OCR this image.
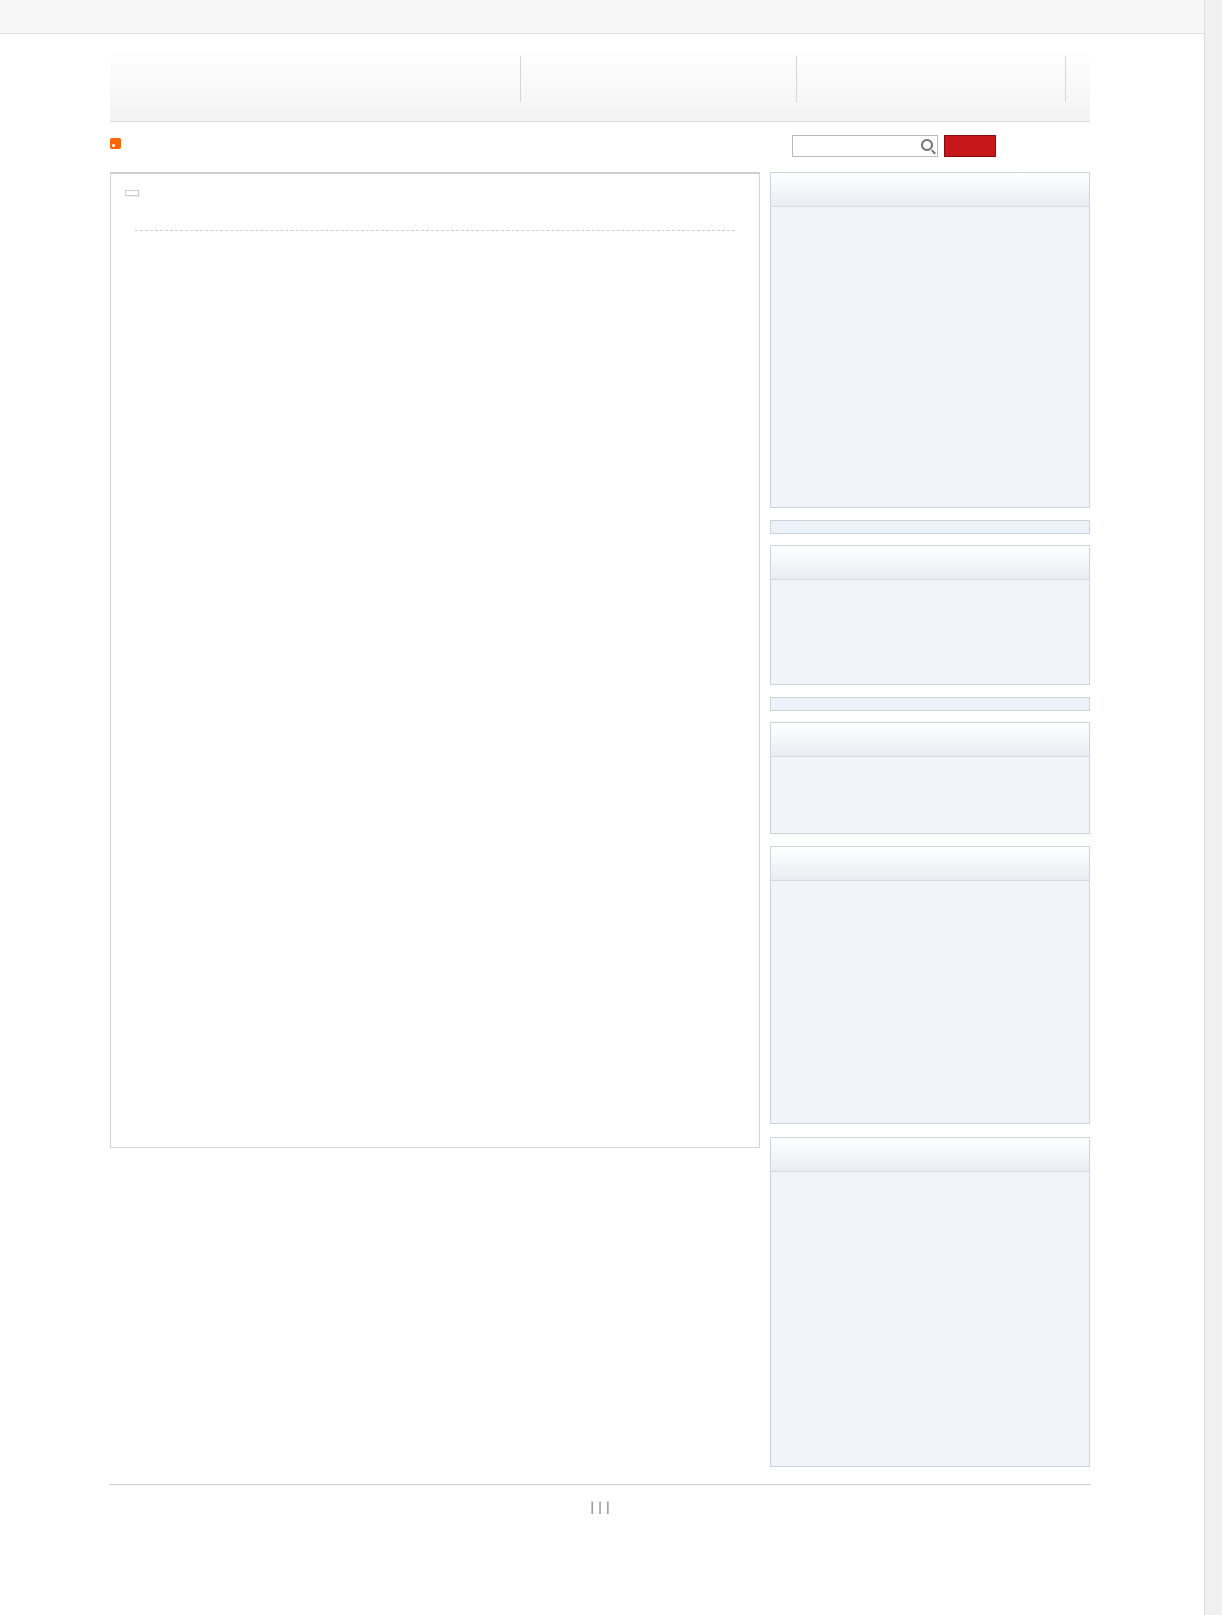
| | |
